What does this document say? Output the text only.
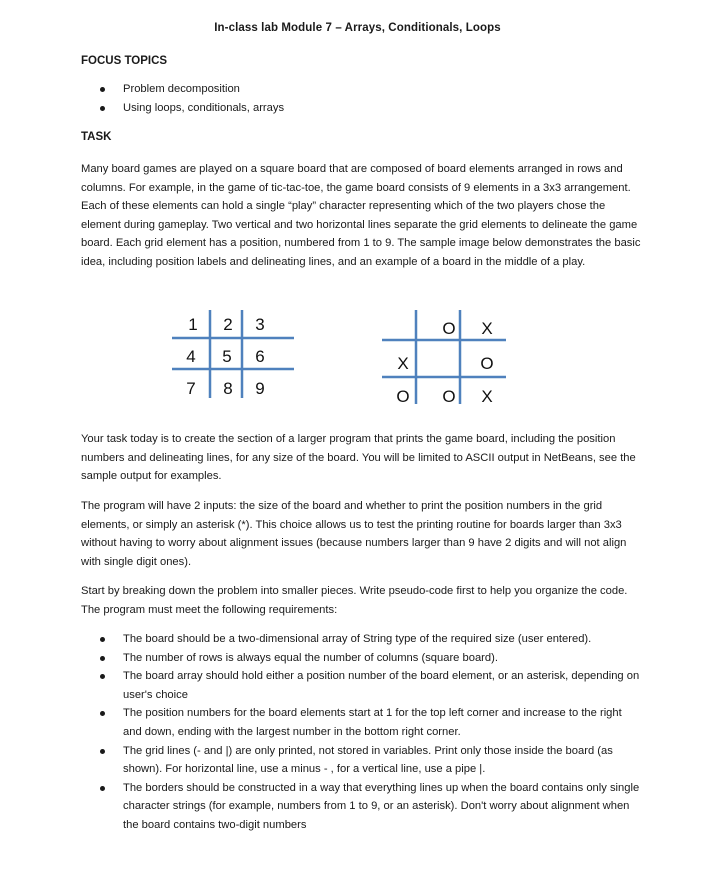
In-class lab Module 7 – Arrays, Conditionals, Loops
FOCUS TOPICS
Problem decomposition
Using loops, conditionals, arrays
TASK
Many board games are played on a square board that are composed of board elements arranged in rows and columns. For example, in the game of tic-tac-toe, the game board consists of 9 elements in a 3x3 arrangement. Each of these elements can hold a single “play” character representing which of the two players chose the element during gameplay. Two vertical and two horizontal lines separate the grid elements to delineate the game board. Each grid element has a position, numbered from 1 to 9. The sample image below demonstrates the basic idea, including position labels and delineating lines, and an example of a board in the middle of a play.
1 2 3
4 5 6
7 8 9
O X
X	O
O O X
Your task today is to create the section of a larger program that prints the game board, including the position numbers and delineating lines, for any size of the board. You will be limited to ASCII output in NetBeans, see the sample output for examples.
The program will have 2 inputs: the size of the board and whether to print the position numbers in the grid elements, or simply an asterisk (*). This choice allows us to test the printing routine for boards larger than 3x3 without having to worry about alignment issues (because numbers larger than 9 have 2 digits and will not align with single digit ones).
Start by breaking down the problem into smaller pieces. Write pseudo-code first to help you organize the code. The program must meet the following requirements:
The board should be a two-dimensional array of String type of the required size (user entered).
The number of rows is always equal the number of columns (square board).
The board array should hold either a position number of the board element, or an asterisk, depending on user's choice
The position numbers for the board elements start at 1 for the top left corner and increase to the right and down, ending with the largest number in the bottom right corner.
The grid lines (- and |) are only printed, not stored in variables. Print only those inside the board (as shown). For horizontal line, use a minus - , for a vertical line, use a pipe |.
The borders should be constructed in a way that everything lines up when the board contains only single character strings (for example, numbers from 1 to 9, or an asterisk). Don't worry about alignment when the board contains two-digit numbers
